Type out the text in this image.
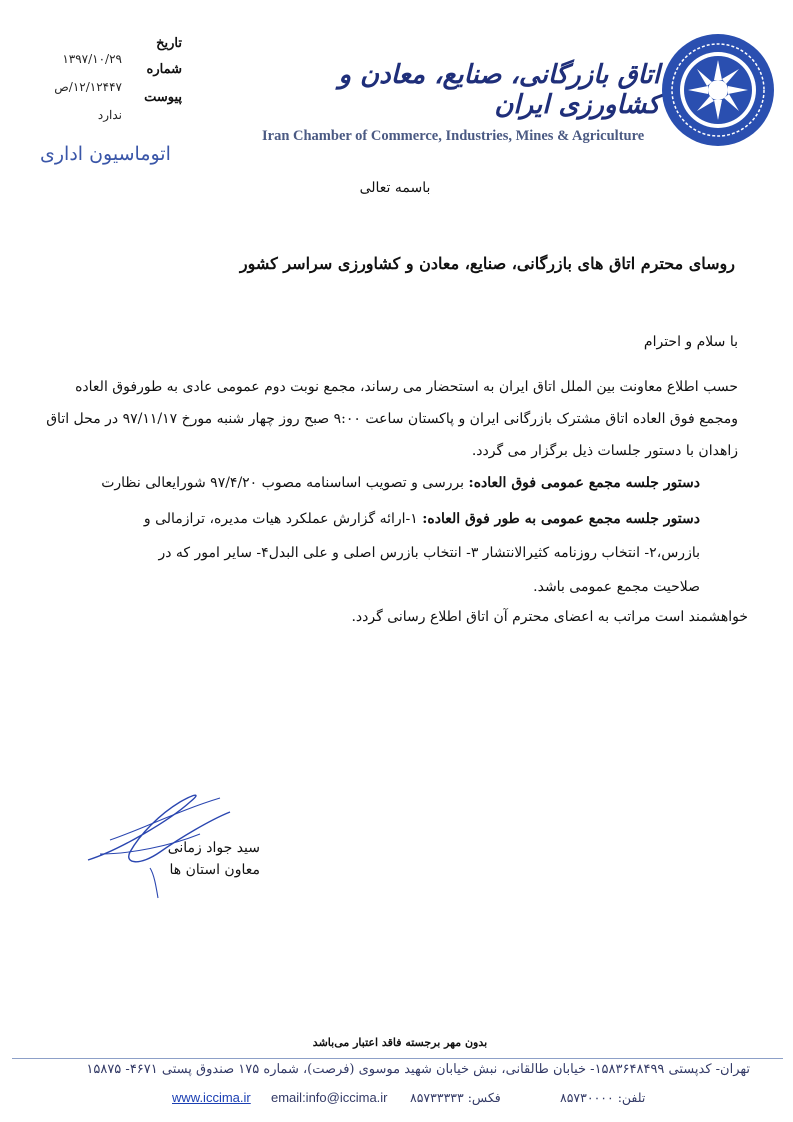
تاریخ
۱۳۹۷/۱۰/۲۹
شماره
۱۲/۱۲۴۴۷/ص
پیوست
ندارد
اتوماسیون اداری
اتاق بازرگانی، صنایع، معادن و کشاورزی ایران
Iran Chamber of Commerce, Industries, Mines & Agriculture
باسمه تعالی
روسای محترم اتاق های بازرگانی، صنایع، معادن و کشاورزی سراسر کشور
با سلام و احترام
حسب اطلاع معاونت بین الملل اتاق ایران به استحضار می رساند، مجمع نوبت دوم عمومی عادی به طورفوق العاده
ومجمع فوق العاده اتاق مشترک بازرگانی ایران و پاکستان ساعت ۹:۰۰ صبح روز چهار شنبه مورخ ۹۷/۱۱/۱۷ در محل اتاق
زاهدان با دستور جلسات ذیل برگزار می گردد.
دستور جلسه مجمع عمومی فوق العاده: بررسی و تصویب اساسنامه مصوب ۹۷/۴/۲۰ شورایعالی نظارت
دستور جلسه مجمع عمومی به طور فوق العاده: ۱-ارائه گزارش عملکرد هیات مدیره، ترازمالی و
بازرس،۲- انتخاب روزنامه کثیرالانتشار ۳- انتخاب بازرس اصلی و علی البدل۴- سایر امور که در
صلاحیت مجمع عمومی باشد.
خواهشمند است مراتب به اعضای محترم آن اتاق اطلاع رسانی گردد.
سید جواد زمانی
معاون استان ها
بدون مهر برجسته فاقد اعتبار می‌باشد
تهران- کدپستی ۱۵۸۳۶۴۸۴۹۹- خیابان طالقانی، نبش خیابان شهید موسوی (فرصت)، شماره ۱۷۵ صندوق پستی ۴۶۷۱- ۱۵۸۷۵
www.iccima.ir email:info@iccima.ir فکس: ۸۵۷۳۳۳۳۳	تلفن: ۸۵۷۳۰۰۰۰
